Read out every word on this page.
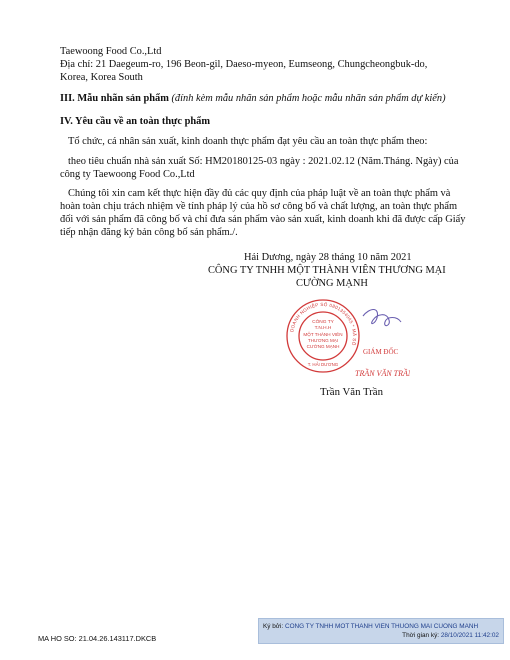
Taewoong Food Co.,Ltd
Địa chỉ: 21 Daegeum-ro, 196 Beon-gil, Daeso-myeon, Eumseong, Chungcheongbuk-do,
Korea, Korea South
III. Mẫu nhãn sản phẩm (đính kèm mẫu nhãn sản phẩm hoặc mẫu nhãn sản phẩm dự kiến)
IV. Yêu cầu về an toàn thực phẩm
Tổ chức, cá nhân sản xuất, kinh doanh thực phẩm đạt yêu cầu an toàn thực phẩm theo:
theo tiêu chuẩn nhà sản xuất Số: HM20180125-03 ngày : 2021.02.12 (Năm.Tháng. Ngày) của
công ty Taewoong Food Co.,Ltd
Chúng tôi xin cam kết thực hiện đầy đủ các quy định của pháp luật về an toàn thực phẩm và
hoàn toàn chịu trách nhiệm về tính pháp lý của hồ sơ công bố và chất lượng, an toàn thực phẩm
đối với sản phẩm đã công bố và chỉ đưa sản phẩm vào sản xuất, kinh doanh khi đã được cấp Giấy
tiếp nhận đăng ký bản công bố sản phẩm./.
Hải Dương, ngày 28 tháng 10 năm 2021
CÔNG TY TNHH MỘT THÀNH VIÊN THƯƠNG MẠI
CƯỜNG MẠNH
DOANH NGHIỆP SỐ 0801354045 * MÃ SỐ
CÔNG TY
T.N.H.H
MỘT THÀNH VIÊN
THƯƠNG MẠI
CƯỜNG MẠNH
T. HẢI DƯƠNG
GIÁM ĐỐC
TRẦN VĂN TRẦN
Trần Văn Trần
MA HO SO: 21.04.26.143117.DKCB
Ký bởi: CONG TY TNHH MOT THANH VIEN THUONG MAI CUONG MANH
Thời gian ký: 28/10/2021 11:42:02
